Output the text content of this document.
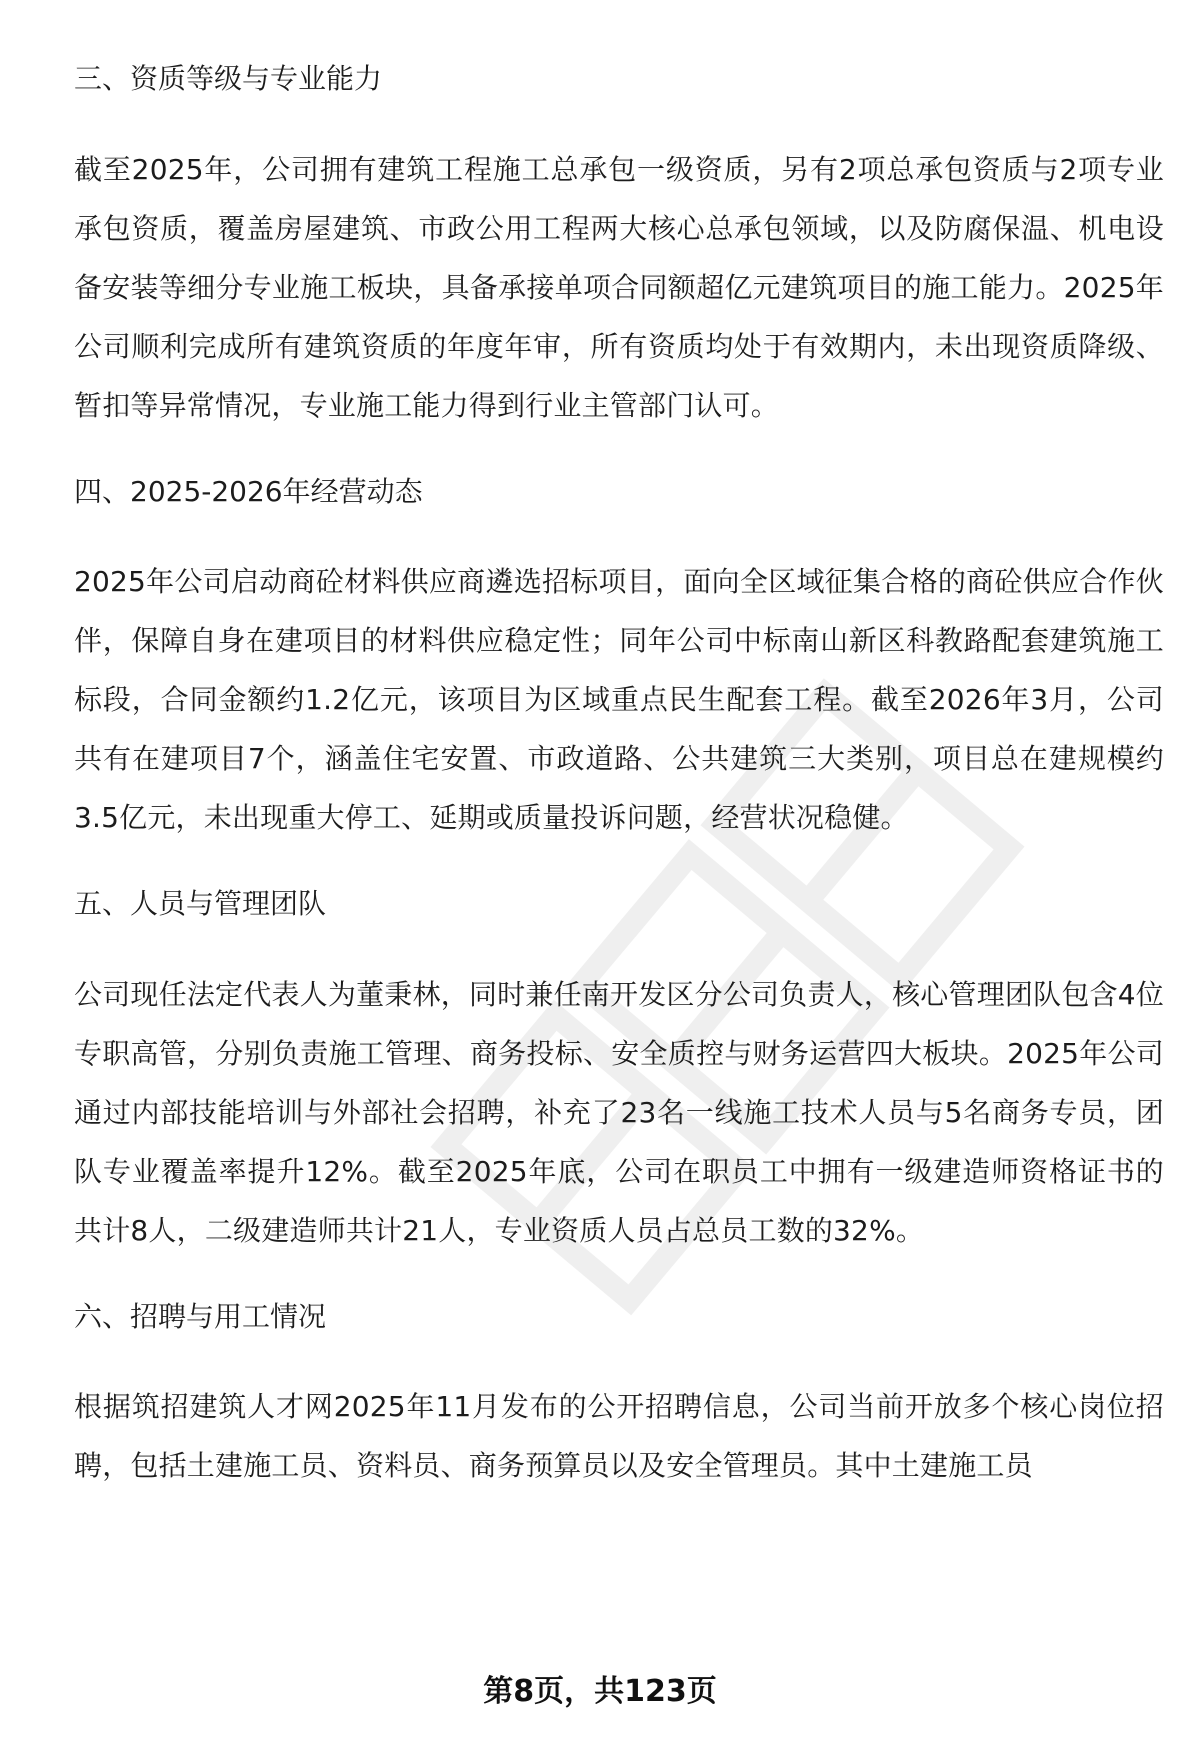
三、资质等级与专业能力

截至2025年，公司拥有建筑工程施工总承包一级资质，另有2项总承包资质与2项专业承包资质，覆盖房屋建筑、市政公用工程两大核心总承包领域，以及防腐保温、机电设备安装等细分专业施工板块，具备承接单项合同额超亿元建筑项目的施工能力。2025年公司顺利完成所有建筑资质的年度年审，所有资质均处于有效期内，未出现资质降级、暂扣等异常情况，专业施工能力得到行业主管部门认可。

四、2025-2026年经营动态

2025年公司启动商砼材料供应商遴选招标项目，面向全区域征集合格的商砼供应合作伙伴，保障自身在建项目的材料供应稳定性；同年公司中标南山新区科教路配套建筑施工标段，合同金额约1.2亿元，该项目为区域重点民生配套工程。截至2026年3月，公司共有在建项目7个，涵盖住宅安置、市政道路、公共建筑三大类别，项目总在建规模约3.5亿元，未出现重大停工、延期或质量投诉问题，经营状况稳健。

五、人员与管理团队

公司现任法定代表人为董秉林，同时兼任南开发区分公司负责人，核心管理团队包含4位专职高管，分别负责施工管理、商务投标、安全质控与财务运营四大板块。2025年公司通过内部技能培训与外部社会招聘，补充了23名一线施工技术人员与5名商务专员，团队专业覆盖率提升12%。截至2025年底，公司在职员工中拥有一级建造师资格证书的共计8人，二级建造师共计21人，专业资质人员占总员工数的32%。

六、招聘与用工情况

根据筑招建筑人才网2025年11月发布的公开招聘信息，公司当前开放多个核心岗位招聘，包括土建施工员、资料员、商务预算员以及安全管理员。其中土建施工员

第8页，共123页
